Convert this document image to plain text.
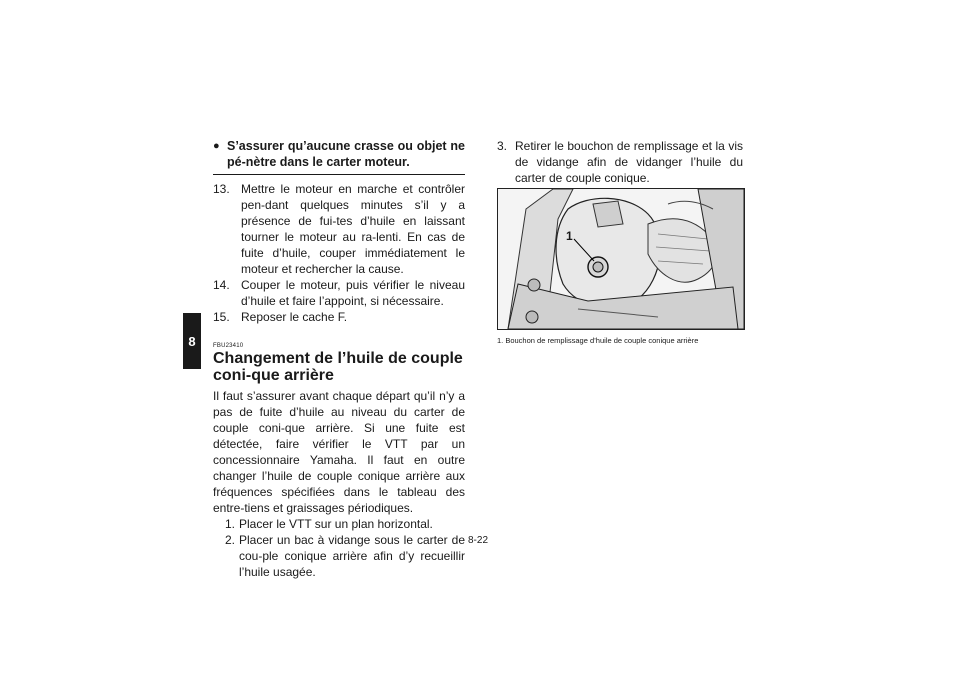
8
● S’assurer qu’aucune crasse ou objet ne pé-nètre dans le carter moteur.
13. Mettre le moteur en marche et contrôler pen-dant quelques minutes s’il y a présence de fui-tes d’huile en laissant tourner le moteur au ra-lenti. En cas de fuite d’huile, couper immédiatement le moteur et rechercher la cause.
14. Couper le moteur, puis vérifier le niveau d’huile et faire l’appoint, si nécessaire.
15. Reposer le cache F.
FBU23410
Changement de l’huile de couple coni-que arrière
Il faut s’assurer avant chaque départ qu’il n’y a pas de fuite d’huile au niveau du carter de couple coni-que arrière. Si une fuite est détectée, faire vérifier le VTT par un concessionnaire Yamaha. Il faut en outre changer l’huile de couple conique arrière aux fréquences spécifiées dans le tableau des entre-tiens et graissages périodiques.
1. Placer le VTT sur un plan horizontal.
2. Placer un bac à vidange sous le carter de cou-ple conique arrière afin d’y recueillir l’huile usagée.
3. Retirer le bouchon de remplissage et la vis de vidange afin de vidanger l’huile du carter de couple conique.
1
1. Bouchon de remplissage d’huile de couple conique arrière
8-22
